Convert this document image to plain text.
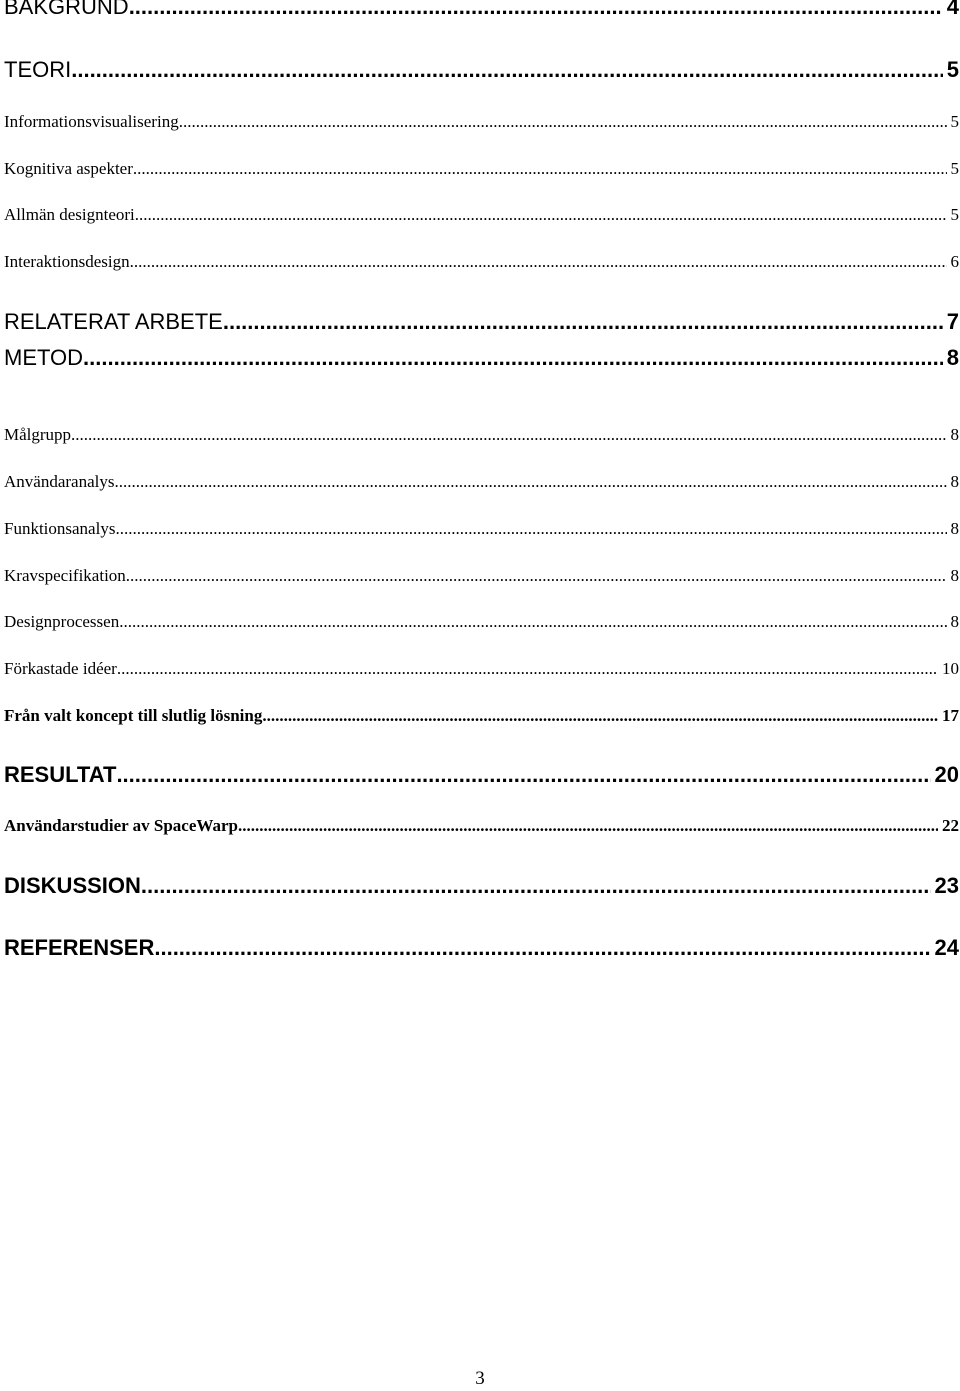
BAKGRUND .....	4
TEORI .....	5
Informationsvisualisering .....	5
Kognitiva aspekter .....	5
Allmän designteori .....	5
Interaktionsdesign .....	6
RELATERAT ARBETE .....	7
METOD .....	8
Målgrupp .....	8
Användaranalys .....	8
Funktionsanalys .....	8
Kravspecifikation .....	8
Designprocessen .....	8
Förkastade idéer .....	10
Från valt koncept till slutlig lösning .....	17
RESULTAT .....	20
Användarstudier av SpaceWarp .....	22
DISKUSSION .....	23
REFERENSER .....	24
3
